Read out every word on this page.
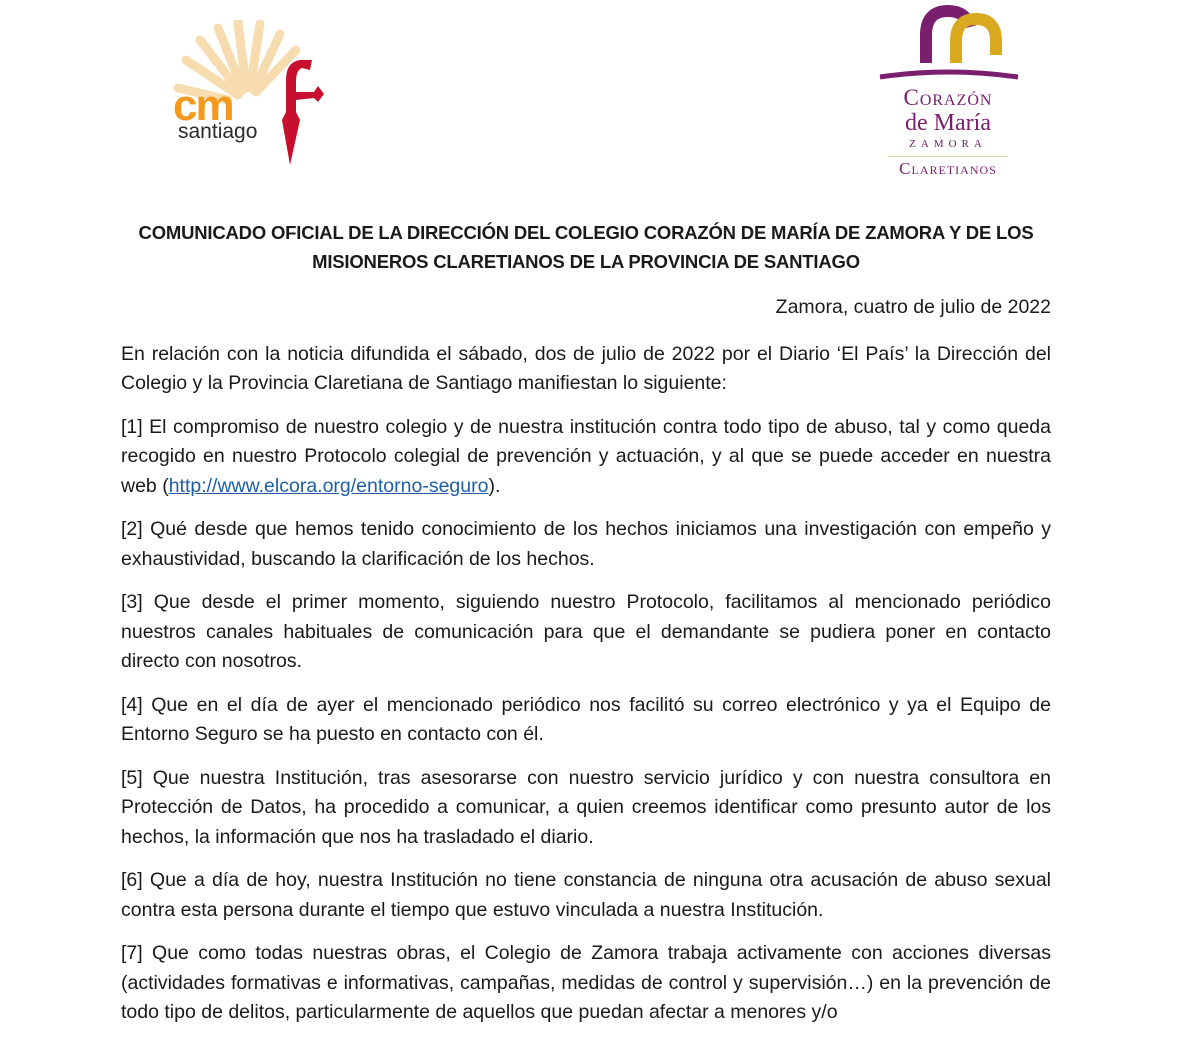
cm
santiago
Corazón
de María
ZAMORA
Claretianos

COMUNICADO OFICIAL DE LA DIRECCIÓN DEL COLEGIO CORAZÓN DE MARÍA DE ZAMORA Y DE LOS
MISIONEROS CLARETIANOS DE LA PROVINCIA DE SANTIAGO

Zamora, cuatro de julio de 2022

En relación con la noticia difundida el sábado, dos de julio de 2022 por el Diario ‘El País’ la Dirección del Colegio y la Provincia Claretiana de Santiago manifiestan lo siguiente:

[1] El compromiso de nuestro colegio y de nuestra institución contra todo tipo de abuso, tal y como queda recogido en nuestro Protocolo colegial de prevención y actuación, y al que se puede acceder en nuestra web (http://www.elcora.org/entorno-seguro).

[2] Qué desde que hemos tenido conocimiento de los hechos iniciamos una investigación con empeño y exhaustividad, buscando la clarificación de los hechos.

[3] Que desde el primer momento, siguiendo nuestro Protocolo, facilitamos al mencionado periódico nuestros canales habituales de comunicación para que el demandante se pudiera poner en contacto directo con nosotros.

[4] Que en el día de ayer el mencionado periódico nos facilitó su correo electrónico y ya el Equipo de Entorno Seguro se ha puesto en contacto con él.

[5] Que nuestra Institución, tras asesorarse con nuestro servicio jurídico y con nuestra consultora en Protección de Datos, ha procedido a comunicar, a quien creemos identificar como presunto autor de los hechos, la información que nos ha trasladado el diario.

[6] Que a día de hoy, nuestra Institución no tiene constancia de ninguna otra acusación de abuso sexual contra esta persona durante el tiempo que estuvo vinculada a nuestra Institución.

[7] Que como todas nuestras obras, el Colegio de Zamora trabaja activamente con acciones diversas (actividades formativas e informativas, campañas, medidas de control y supervisión…) en la prevención de todo tipo de delitos, particularmente de aquellos que puedan afectar a menores y/o
